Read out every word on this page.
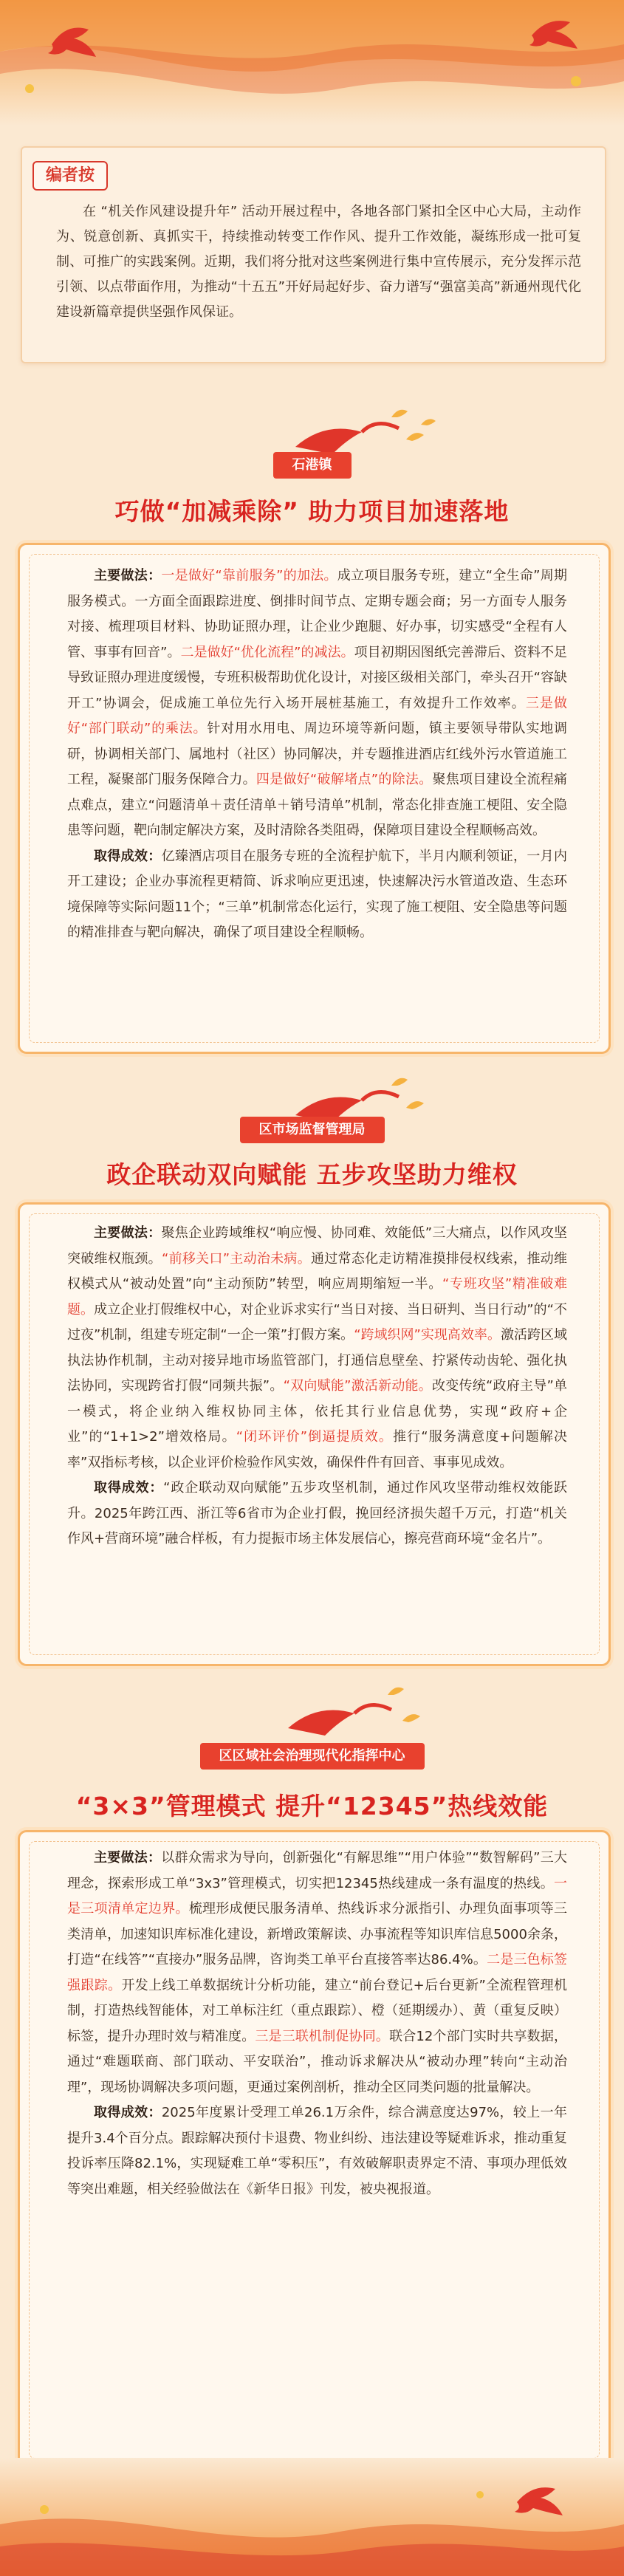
编者按
在 “机关作风建设提升年” 活动开展过程中，各地各部门紧扣全区中心大局，主动作为、锐意创新、真抓实干，持续推动转变工作作风、提升工作效能，凝练形成一批可复制、可推广的实践案例。近期，我们将分批对这些案例进行集中宣传展示，充分发挥示范引领、以点带面作用，为推动“十五五”开好局起好步、奋力谱写“强富美高”新通州现代化建设新篇章提供坚强作风保证。
石港镇
巧做“加减乘除” 助力项目加速落地

主要做法：一是做好“靠前服务”的加法。成立项目服务专班，建立“全生命”周期服务模式。一方面全面跟踪进度、倒排时间节点、定期专题会商；另一方面专人服务对接、梳理项目材料、协助证照办理，让企业少跑腿、好办事，切实感受“全程有人管、事事有回音”。二是做好“优化流程”的减法。项目初期因图纸完善滞后、资料不足导致证照办理进度缓慢，专班积极帮助优化设计，对接区级相关部门，牵头召开“容缺开工”协调会，促成施工单位先行入场开展桩基施工，有效提升工作效率。三是做好“部门联动”的乘法。针对用水用电、周边环境等新问题，镇主要领导带队实地调研，协调相关部门、属地村（社区）协同解决，并专题推进酒店红线外污水管道施工工程，凝聚部门服务保障合力。四是做好“破解堵点”的除法。聚焦项目建设全流程痛点难点，建立“问题清单＋责任清单＋销号清单”机制，常态化排查施工梗阻、安全隐患等问题，靶向制定解决方案，及时清除各类阻碍，保障项目建设全程顺畅高效。

取得成效：亿臻酒店项目在服务专班的全流程护航下，半月内顺利领证，一月内开工建设；企业办事流程更精简、诉求响应更迅速，快速解决污水管道改造、生态环境保障等实际问题11个；“三单”机制常态化运行，实现了施工梗阻、安全隐患等问题的精准排查与靶向解决，确保了项目建设全程顺畅。

区市场监督管理局
政企联动双向赋能 五步攻坚助力维权

主要做法：聚焦企业跨域维权“响应慢、协同难、效能低”三大痛点，以作风攻坚突破维权瓶颈。“前移关口”主动治未病。通过常态化走访精准摸排侵权线索，推动维权模式从“被动处置”向“主动预防”转型，响应周期缩短一半。“专班攻坚”精准破难题。成立企业打假维权中心，对企业诉求实行“当日对接、当日研判、当日行动”的“不过夜”机制，组建专班定制“一企一策”打假方案。“跨域织网”实现高效率。激活跨区域执法协作机制，主动对接异地市场监管部门，打通信息壁垒、拧紧传动齿轮、强化执法协同，实现跨省打假“同频共振”。“双向赋能”激活新动能。改变传统“政府主导”单一模式，将企业纳入维权协同主体，依托其行业信息优势，实现“政府+企业”的“1+1>2”增效格局。“闭环评价”倒逼提质效。推行“服务满意度+问题解决率”双指标考核，以企业评价检验作风实效，确保件件有回音、事事见成效。

取得成效：“政企联动双向赋能”五步攻坚机制，通过作风攻坚带动维权效能跃升。2025年跨江西、浙江等6省市为企业打假，挽回经济损失超千万元，打造“机关作风+营商环境”融合样板，有力提振市场主体发展信心，擦亮营商环境“金名片”。

区区域社会治理现代化指挥中心
“3×3”管理模式 提升“12345”热线效能

主要做法：以群众需求为导向，创新强化“有解思维”“用户体验”“数智解码”三大理念，探索形成工单“3x3”管理模式，切实把12345热线建成一条有温度的热线。一是三项清单定边界。梳理形成便民服务清单、热线诉求分派指引、办理负面事项等三类清单，加速知识库标准化建设，新增政策解读、办事流程等知识库信息5000余条，打造“在线答”“直接办”服务品牌，咨询类工单平台直接答率达86.4%。二是三色标签强跟踪。开发上线工单数据统计分析功能，建立“前台登记+后台更新”全流程管理机制，打造热线智能体，对工单标注红（重点跟踪）、橙（延期缓办）、黄（重复反映）标签，提升办理时效与精准度。三是三联机制促协同。联合12个部门实时共享数据，通过“难题联商、部门联动、平安联治”，推动诉求解决从“被动办理”转向“主动治理”，现场协调解决多项问题，更通过案例剖析，推动全区同类问题的批量解决。

取得成效：2025年度累计受理工单26.1万余件，综合满意度达97%，较上一年提升3.4个百分点。跟踪解决预付卡退费、物业纠纷、违法建设等疑难诉求，推动重复投诉率压降82.1%，实现疑难工单“零积压”，有效破解职责界定不清、事项办理低效等突出难题，相关经验做法在《新华日报》刊发，被央视报道。
